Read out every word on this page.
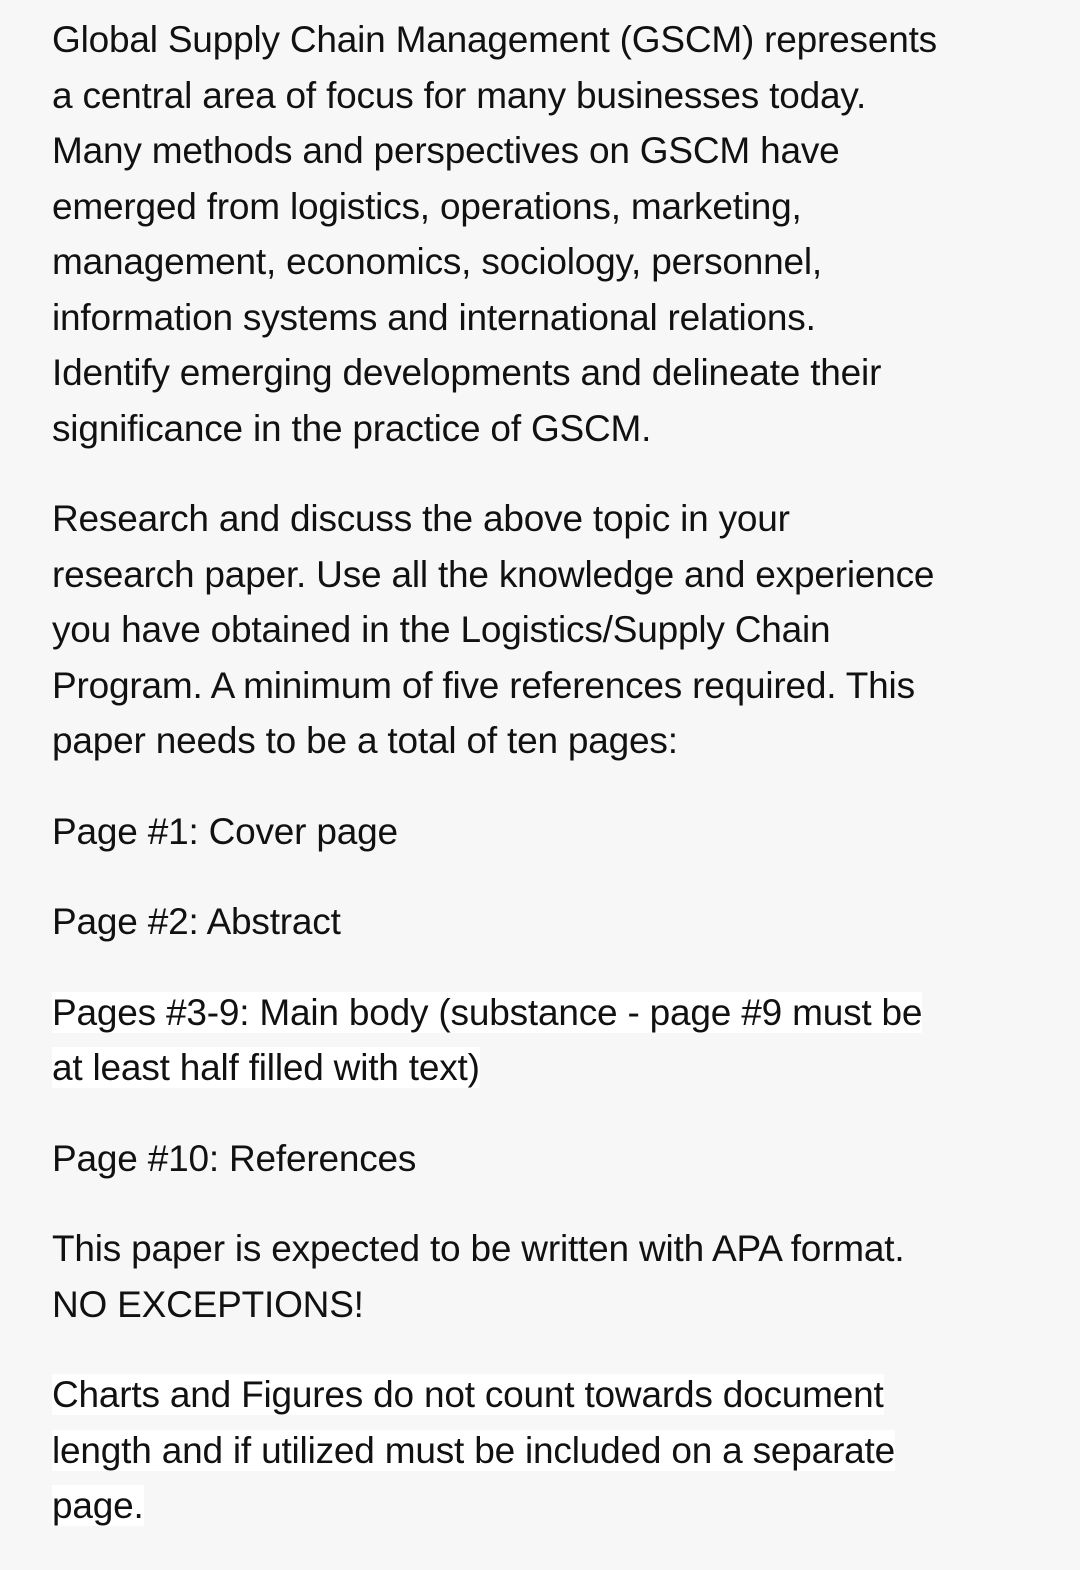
Global Supply Chain Management (GSCM) represents
a central area of focus for many businesses today.
Many methods and perspectives on GSCM have
emerged from logistics, operations, marketing,
management, economics, sociology, personnel,
information systems and international relations.
Identify emerging developments and delineate their
significance in the practice of GSCM.

Research and discuss the above topic in your
research paper. Use all the knowledge and experience
you have obtained in the Logistics/Supply Chain
Program. A minimum of five references required. This
paper needs to be a total of ten pages:

Page #1: Cover page

Page #2: Abstract

Pages #3-9: Main body (substance - page #9 must be
at least half filled with text)

Page #10: References

This paper is expected to be written with APA format.
NO EXCEPTIONS!

Charts and Figures do not count towards document
length and if utilized must be included on a separate
page.
